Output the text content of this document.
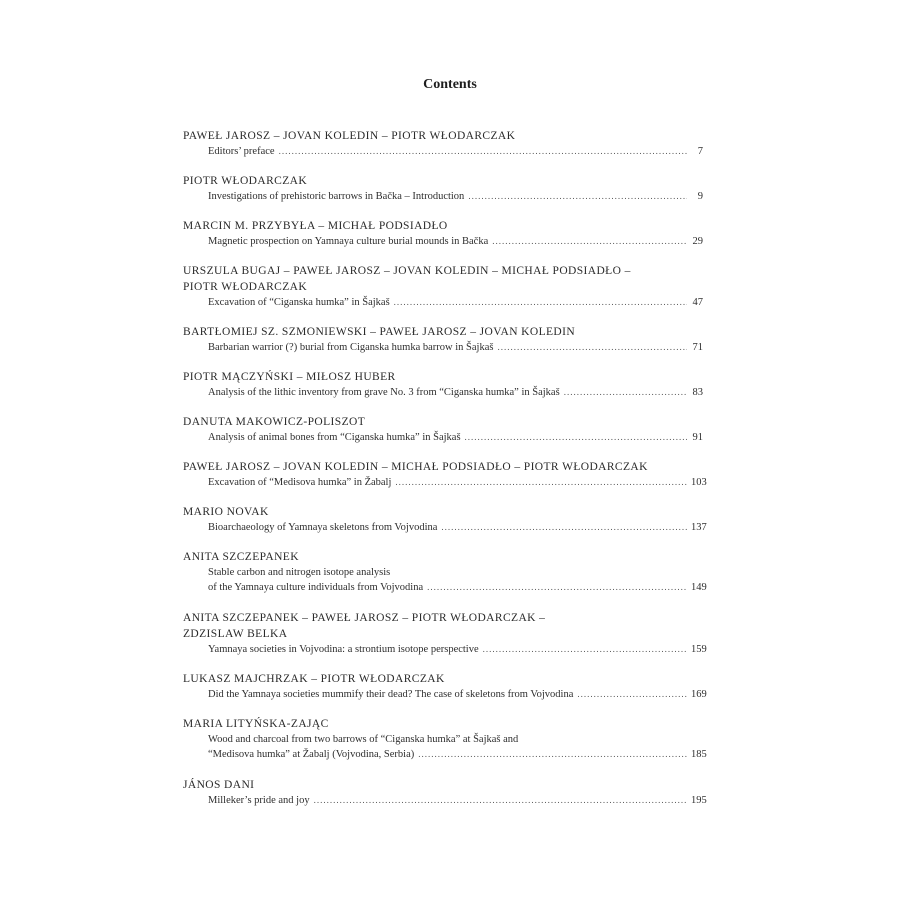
Contents
PAWEŁ JAROSZ – JOVAN KOLEDIN – PIOTR WŁODARCZAK
Editors’ preface .....	7
PIOTR WŁODARCZAK
Investigations of prehistoric barrows in Bačka – Introduction .....	9
MARCIN M. PRZYBYŁA – MICHAŁ PODSIADŁO
Magnetic prospection on Yamnaya culture burial mounds in Bačka .....	29
URSZULA BUGAJ – PAWEŁ JAROSZ – JOVAN KOLEDIN – MICHAŁ PODSIADŁO –
PIOTR WŁODARCZAK
Excavation of “Ciganska humka” in Šajkaš .....	47
BARTŁOMIEJ SZ. SZMONIEWSKI – PAWEŁ JAROSZ – JOVAN KOLEDIN
Barbarian warrior (?) burial from Ciganska humka barrow in Šajkaš .....	71
PIOTR MĄCZYŃSKI – MIŁOSZ HUBER
Analysis of the lithic inventory from grave No. 3 from “Ciganska humka” in Šajkaš .....	83
DANUTA MAKOWICZ-POLISZOT
Analysis of animal bones from “Ciganska humka” in Šajkaš .....	91
PAWEŁ JAROSZ – JOVAN KOLEDIN – MICHAŁ PODSIADŁO – PIOTR WŁODARCZAK
Excavation of “Medisova humka” in Žabalj .....	103
MARIO NOVAK
Bioarchaeology of Yamnaya skeletons from Vojvodina .....	137
ANITA SZCZEPANEK
Stable carbon and nitrogen isotope analysis
of the Yamnaya culture individuals from Vojvodina .....	149
ANITA SZCZEPANEK – PAWEŁ JAROSZ – PIOTR WŁODARCZAK –
ZDZISLAW BELKA
Yamnaya societies in Vojvodina: a strontium isotope perspective .....	159
LUKASZ MAJCHRZAK – PIOTR WŁODARCZAK
Did the Yamnaya societies mummify their dead? The case of skeletons from Vojvodina .....	169
MARIA LITYŃSKA-ZAJĄC
Wood and charcoal from two barrows of “Ciganska humka” at Šajkaš and
“Medisova humka” at Žabalj (Vojvodina, Serbia) .....	185
JÁNOS DANI
Milleker’s pride and joy .....	195
